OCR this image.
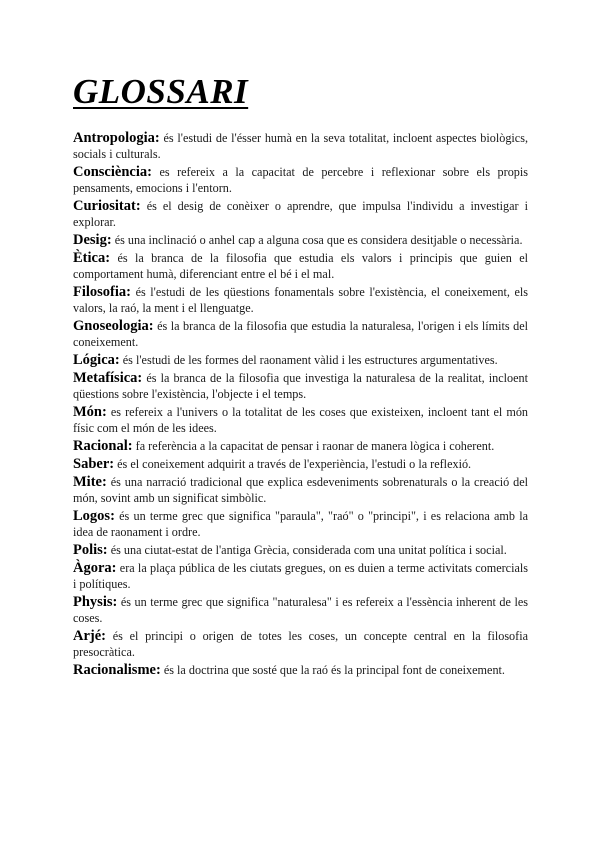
GLOSSARI
Antropologia: és l'estudi de l'ésser humà en la seva totalitat, incloent aspectes biològics, socials i culturals.
Consciència: es refereix a la capacitat de percebre i reflexionar sobre els propis pensaments, emocions i l'entorn.
Curiositat: és el desig de conèixer o aprendre, que impulsa l'individu a investigar i explorar.
Desig: és una inclinació o anhel cap a alguna cosa que es considera desitjable o necessària.
Ètica: és la branca de la filosofia que estudia els valors i principis que guien el comportament humà, diferenciant entre el bé i el mal.
Filosofia: és l'estudi de les qüestions fonamentals sobre l'existència, el coneixement, els valors, la raó, la ment i el llenguatge.
Gnoseologia: és la branca de la filosofia que estudia la naturalesa, l'origen i els límits del coneixement.
Lógica: és l'estudi de les formes del raonament vàlid i les estructures argumentatives.
Metafísica: és la branca de la filosofia que investiga la naturalesa de la realitat, incloent qüestions sobre l'existència, l'objecte i el temps.
Món: es refereix a l'univers o la totalitat de les coses que existeixen, incloent tant el món físic com el món de les idees.
Racional: fa referència a la capacitat de pensar i raonar de manera lògica i coherent.
Saber: és el coneixement adquirit a través de l'experiència, l'estudi o la reflexió.
Mite: és una narració tradicional que explica esdeveniments sobrenaturals o la creació del món, sovint amb un significat simbòlic.
Logos: és un terme grec que significa "paraula", "raó" o "principi", i es relaciona amb la idea de raonament i ordre.
Polis: és una ciutat-estat de l'antiga Grècia, considerada com una unitat política i social.
Àgora: era la plaça pública de les ciutats gregues, on es duien a terme activitats comercials i polítiques.
Physis: és un terme grec que significa "naturalesa" i es refereix a l'essència inherent de les coses.
Arjé: és el principi o origen de totes les coses, un concepte central en la filosofia presocràtica.
Racionalisme: és la doctrina que sosté que la raó és la principal font de coneixement.
